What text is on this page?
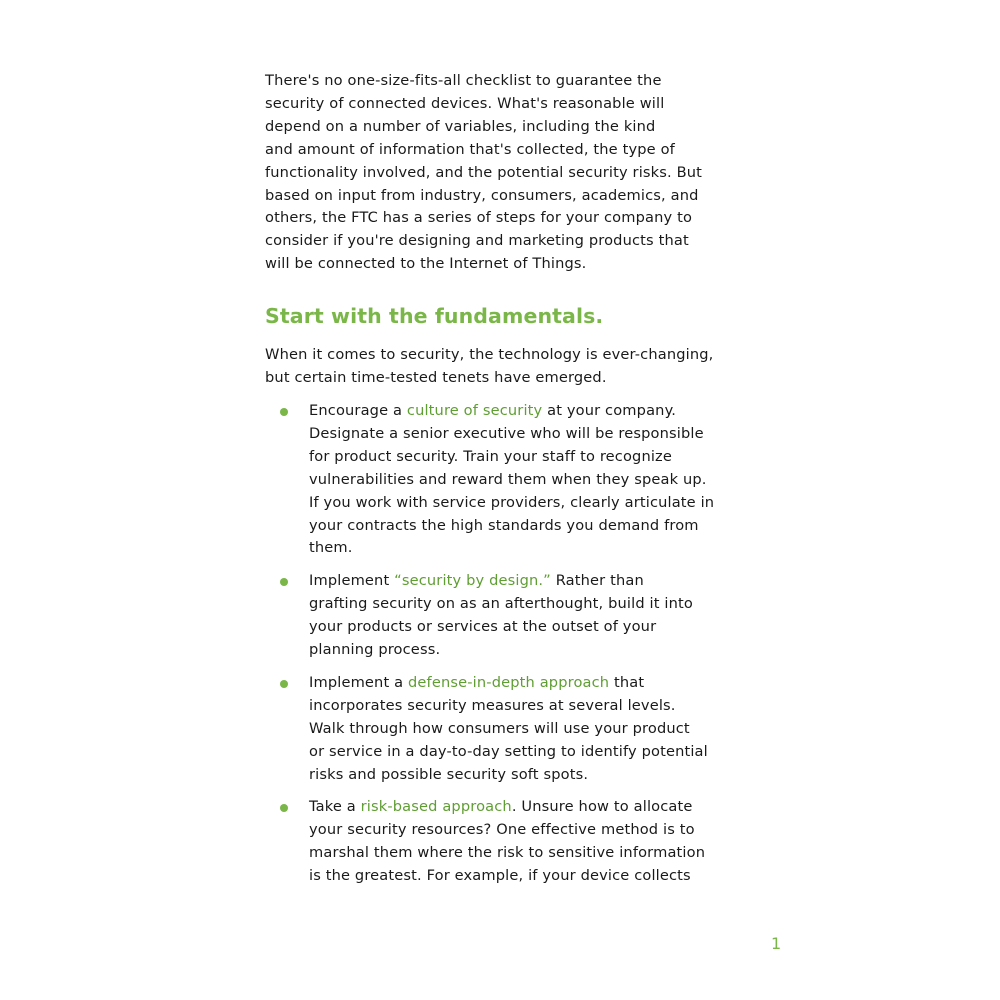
There's no one-size-fits-all checklist to guarantee the
security of connected devices. What's reasonable will
depend on a number of variables, including the kind
and amount of information that's collected, the type of
functionality involved, and the potential security risks. But
based on input from industry, consumers, academics, and
others, the FTC has a series of steps for your company to
consider if you're designing and marketing products that
will be connected to the Internet of Things.

Start with the fundamentals.

When it comes to security, the technology is ever-changing,
but certain time-tested tenets have emerged.

Encourage a culture of security at your company.
Designate a senior executive who will be responsible
for product security. Train your staff to recognize
vulnerabilities and reward them when they speak up.
If you work with service providers, clearly articulate in
your contracts the high standards you demand from
them.
Implement “security by design.” Rather than
grafting security on as an afterthought, build it into
your products or services at the outset of your
planning process.
Implement a defense-in-depth approach that
incorporates security measures at several levels.
Walk through how consumers will use your product
or service in a day-to-day setting to identify potential
risks and possible security soft spots.
Take a risk-based approach. Unsure how to allocate
your security resources? One effective method is to
marshal them where the risk to sensitive information
is the greatest. For example, if your device collects
1
